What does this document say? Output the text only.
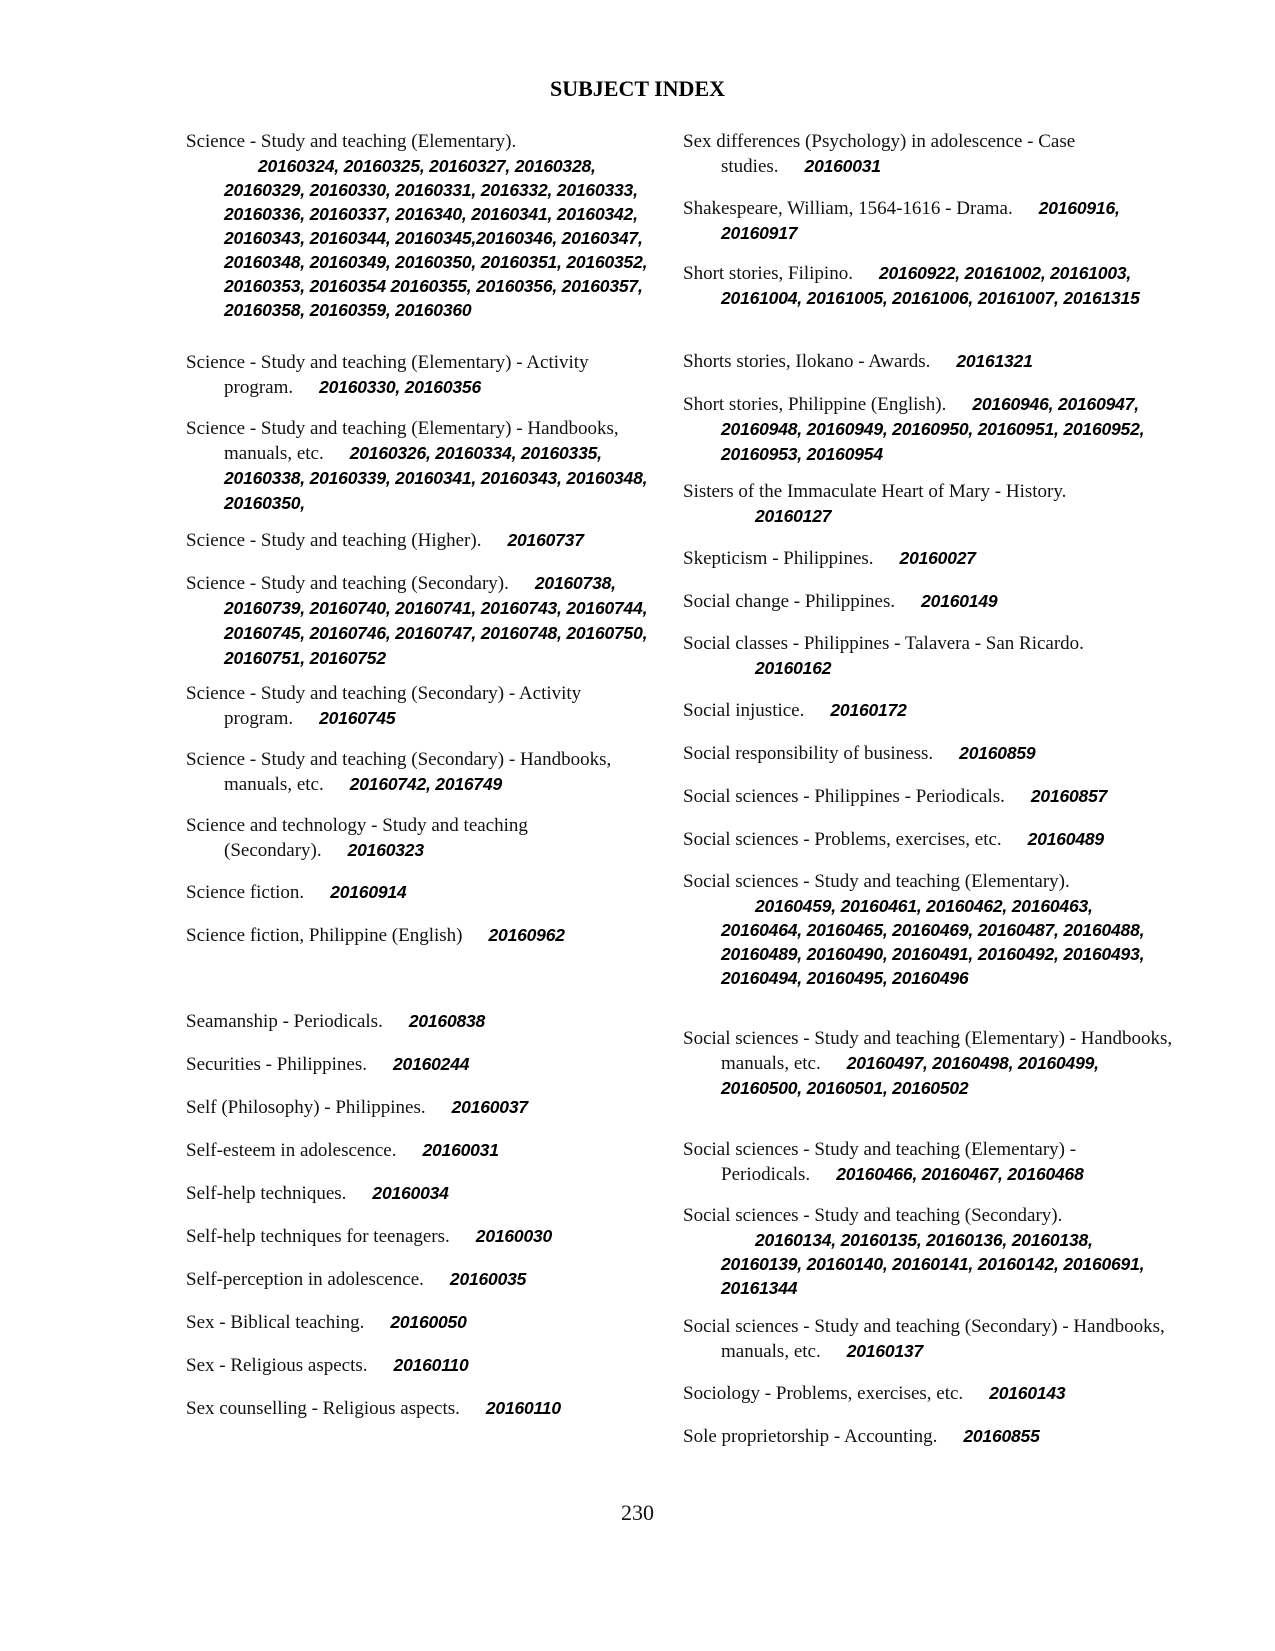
SUBJECT INDEX
Science - Study and teaching (Elementary).
20160324, 20160325, 20160327, 20160328, 20160329, 20160330, 20160331, 2016332, 20160333, 20160336, 20160337, 2016340, 20160341, 20160342, 20160343, 20160344, 20160345,20160346, 20160347, 20160348, 20160349, 20160350, 20160351, 20160352, 20160353, 20160354 20160355, 20160356, 20160357, 20160358, 20160359, 20160360
Science - Study and teaching (Elementary) - Activity program. 20160330, 20160356
Science - Study and teaching (Elementary) - Handbooks, manuals, etc. 20160326, 20160334, 20160335, 20160338, 20160339, 20160341, 20160343, 20160348, 20160350,
Science - Study and teaching (Higher). 20160737
Science - Study and teaching (Secondary). 20160738, 20160739, 20160740, 20160741, 20160743, 20160744, 20160745, 20160746, 20160747, 20160748, 20160750, 20160751, 20160752
Science - Study and teaching (Secondary) - Activity program. 20160745
Science - Study and teaching (Secondary) - Handbooks, manuals, etc. 20160742, 2016749
Science and technology - Study and teaching (Secondary). 20160323
Science fiction. 20160914
Science fiction, Philippine (English) 20160962
Seamanship - Periodicals. 20160838
Securities - Philippines. 20160244
Self (Philosophy) - Philippines. 20160037
Self-esteem in adolescence. 20160031
Self-help techniques. 20160034
Self-help techniques for teenagers. 20160030
Self-perception in adolescence. 20160035
Sex - Biblical teaching. 20160050
Sex - Religious aspects. 20160110
Sex counselling - Religious aspects. 20160110
Sex differences (Psychology) in adolescence - Case studies. 20160031
Shakespeare, William, 1564-1616 - Drama. 20160916, 20160917
Short stories, Filipino. 20160922, 20161002, 20161003, 20161004, 20161005, 20161006, 20161007, 20161315
Shorts stories, Ilokano - Awards. 20161321
Short stories, Philippine (English). 20160946, 20160947, 20160948, 20160949, 20160950, 20160951, 20160952, 20160953, 20160954
Sisters of the Immaculate Heart of Mary - History.
20160127
Skepticism - Philippines. 20160027
Social change - Philippines. 20160149
Social classes - Philippines - Talavera - San Ricardo.
20160162
Social injustice. 20160172
Social responsibility of business. 20160859
Social sciences - Philippines - Periodicals. 20160857
Social sciences - Problems, exercises, etc. 20160489
Social sciences - Study and teaching (Elementary).
20160459, 20160461, 20160462, 20160463, 20160464, 20160465, 20160469, 20160487, 20160488, 20160489, 20160490, 20160491, 20160492, 20160493, 20160494, 20160495, 20160496
Social sciences - Study and teaching (Elementary) - Handbooks, manuals, etc. 20160497, 20160498, 20160499, 20160500, 20160501, 20160502
Social sciences - Study and teaching (Elementary) - Periodicals. 20160466, 20160467, 20160468
Social sciences - Study and teaching (Secondary).
20160134, 20160135, 20160136, 20160138, 20160139, 20160140, 20160141, 20160142, 20160691, 20161344
Social sciences - Study and teaching (Secondary) - Handbooks, manuals, etc. 20160137
Sociology - Problems, exercises, etc. 20160143
Sole proprietorship - Accounting. 20160855
230
